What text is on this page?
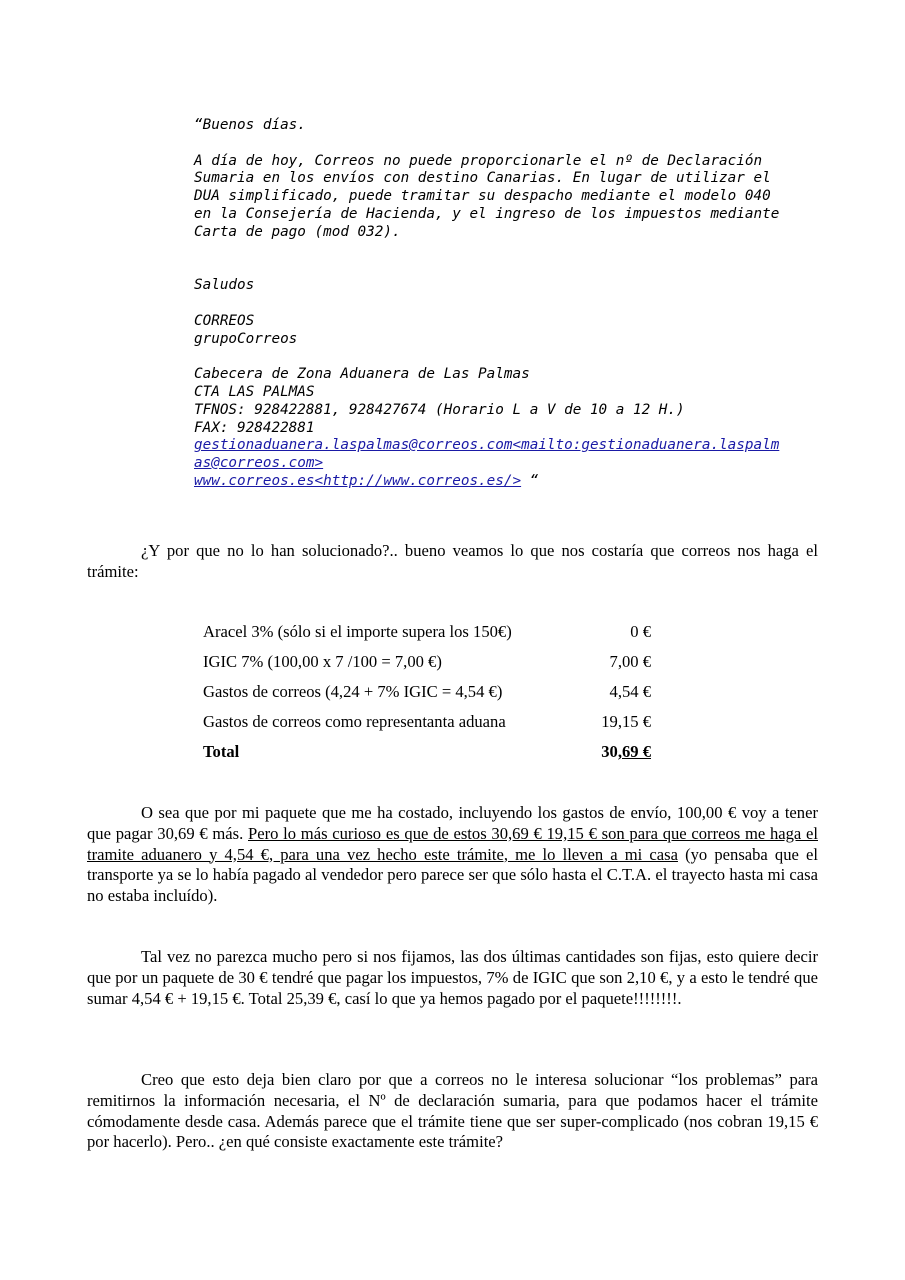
“Buenos días.
A día de hoy, Correos no puede proporcionarle el nº de Declaración
Sumaria en los envíos con destino Canarias. En lugar de utilizar el
DUA simplificado, puede tramitar su despacho mediante el modelo 040
en la Consejería de Hacienda, y el ingreso de los impuestos mediante
Carta de pago (mod 032).
Saludos
CORREOS
grupoCorreos
Cabecera de Zona Aduanera de Las Palmas
CTA LAS PALMAS
TFNOS: 928422881, 928427674 (Horario L a V de 10 a 12 H.)
FAX: 928422881
gestionaduanera.laspalmas@correos.com<mailto:gestionaduanera.laspalm
as@correos.com>
www.correos.es<http://www.correos.es/> “
¿Y por que no lo han solucionado?.. bueno veamos lo que nos costaría que correos nos haga el trámite:
Aracel 3% (sólo si el importe supera los 150€)	0 €
IGIC 7% (100,00 x 7 /100 = 7,00 €)	7,00 €
Gastos de correos (4,24 + 7% IGIC = 4,54 €)	4,54 €
Gastos de correos como representanta aduana	19,15 €
Total	30,69 €
O sea que por mi paquete que me ha costado, incluyendo los gastos de envío, 100,00 € voy a tener que pagar 30,69 € más. Pero lo más curioso es que de estos 30,69 € 19,15 € son para que correos me haga el tramite aduanero y 4,54 €, para una vez hecho este trámite, me lo lleven a mi casa (yo pensaba que el transporte ya se lo había pagado al vendedor pero parece ser que sólo hasta el C.T.A. el trayecto hasta mi casa no estaba incluído).
Tal vez no parezca mucho pero si nos fijamos, las dos últimas cantidades son fijas, esto quiere decir que por un paquete de 30 € tendré que pagar los impuestos, 7% de IGIC que son 2,10 €, y a esto le tendré que sumar 4,54 € + 19,15 €. Total 25,39 €, casí lo que ya hemos pagado por el paquete!!!!!!!!.
Creo que esto deja bien claro por que a correos no le interesa solucionar “los problemas” para remitirnos la información necesaria, el Nº de declaración sumaria, para que podamos hacer el trámite cómodamente desde casa. Además parece que el trámite tiene que ser super-complicado (nos cobran 19,15 € por hacerlo). Pero.. ¿en qué consiste exactamente este trámite?
